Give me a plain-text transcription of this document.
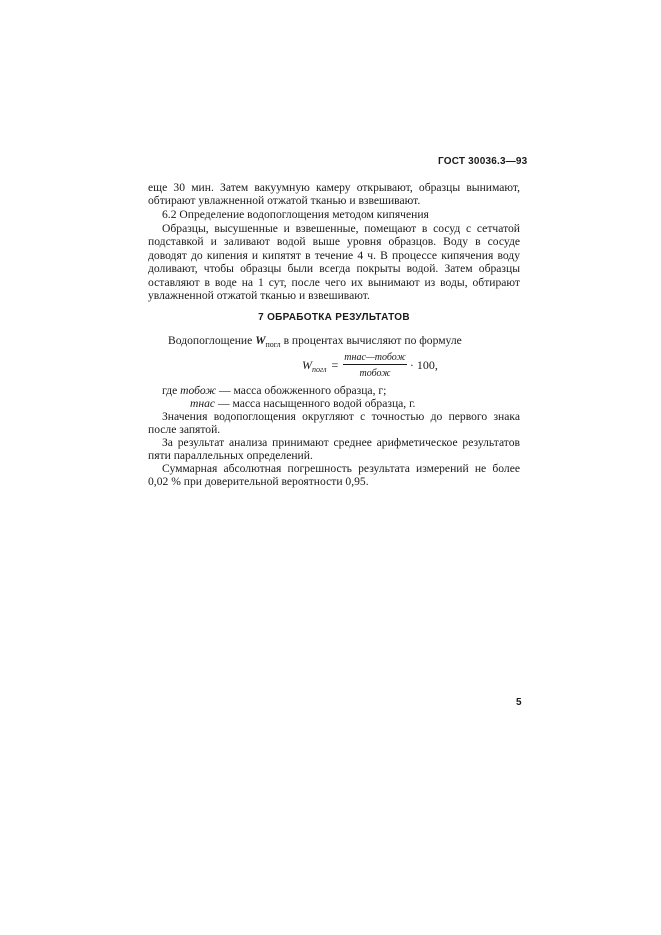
ГОСТ 30036.3—93

еще 30 мин. Затем вакуумную камеру открывают, образцы вынимают, обтирают увлажненной отжатой тканью и взвешивают.

6.2 Определение водопоглощения методом кипячения

Образцы, высушенные и взвешенные, помещают в сосуд с сетчатой подставкой и заливают водой выше уровня образцов. Воду в сосуде доводят до кипения и кипятят в течение 4 ч. В процессе кипячения воду доливают, чтобы образцы были всегда покрыты водой. Затем образцы оставляют в воде на 1 сут, после чего их вынимают из воды, обтирают увлажненной отжатой тканью и взвешивают.

7 ОБРАБОТКА РЕЗУЛЬТАТОВ
Водопоглощение $W_{погл}$ в процентах вычисляют по формуле
$W_{погл} = \frac{\text{mнас—mобож}}{\text{mобож}} \cdot 100$,
где mобож — масса обожженного образца, г;
mнас — масса насыщенного водой образца, г.

Значения водопоглощения округляют с точностью до первого знака после запятой.

За результат анализа принимают среднее арифметическое результатов пяти параллельных определений.

Суммарная абсолютная погрешность результата измерений не более 0,02 % при доверительной вероятности 0,95.

5
